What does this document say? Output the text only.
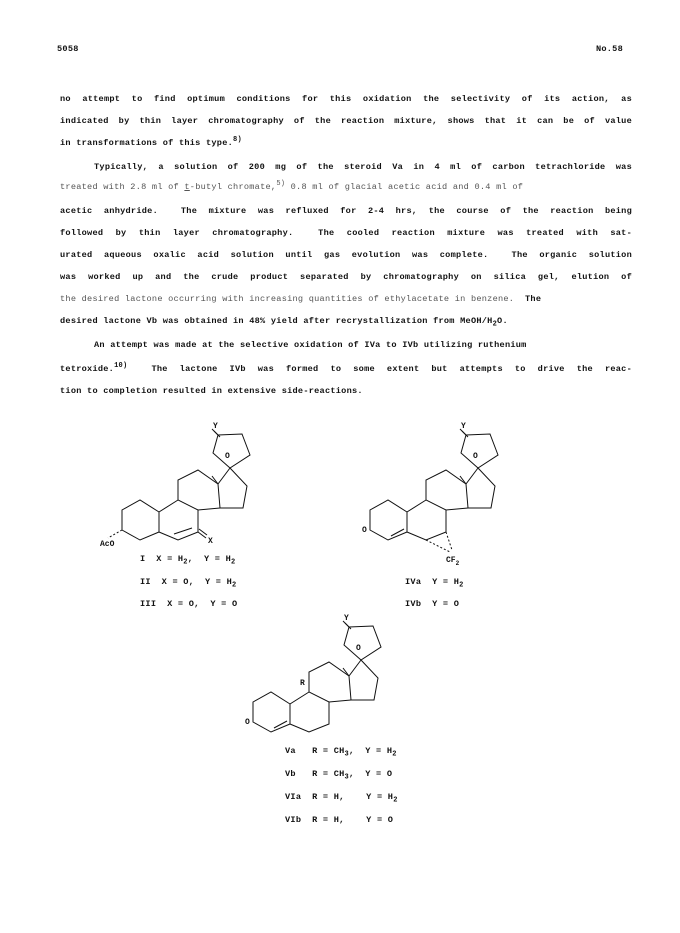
5058	No.58
no attempt to find optimum conditions for this oxidation the selectivity of its action, as
indicated by thin layer chromatography of the reaction mixture, shows that it can be of value
in transformations of this type.$^{8)}$
Typically, a solution of 200 mg of the steroid Va in 4 ml of carbon tetrachloride was
treated with 2.8 ml of t-butyl chromate,$^{5)}$ 0.8 ml of glacial acetic acid and 0.4 ml of
acetic anhydride.  The mixture was refluxed for 2-4 hrs, the course of the reaction being
followed by thin layer chromatography.  The cooled reaction mixture was treated with sat-
urated aqueous oxalic acid solution until gas evolution was complete.  The organic solution
was worked up and the crude product separated by chromatography on silica gel, elution of
the desired lactone occurring with increasing quantities of ethylacetate in benzene.  The
desired lactone Vb was obtained in 48% yield after recrystallization from MeOH/$H_2O$.
An attempt was made at the selective oxidation of IVa to IVb utilizing ruthenium
tetroxide.$^{10)}$  The lactone IVb was formed to some extent but attempts to drive the reac-
tion to completion resulted in extensive side-reactions.
Y
O
X
AcO
I $X = H_2$,  $Y = H_2$
II X = O, $Y = H_2$
III X = O, Y = O
Y
O
O
$CF_2$
IVa $Y = H_2$
IVb Y = O
Y
O
O
R
Va $R = CH_3$,  $Y = H_2$
Vb $R = CH_3$,  Y = O
VIa R = H,	$Y = H_2$
VIb R = H,	Y = O
